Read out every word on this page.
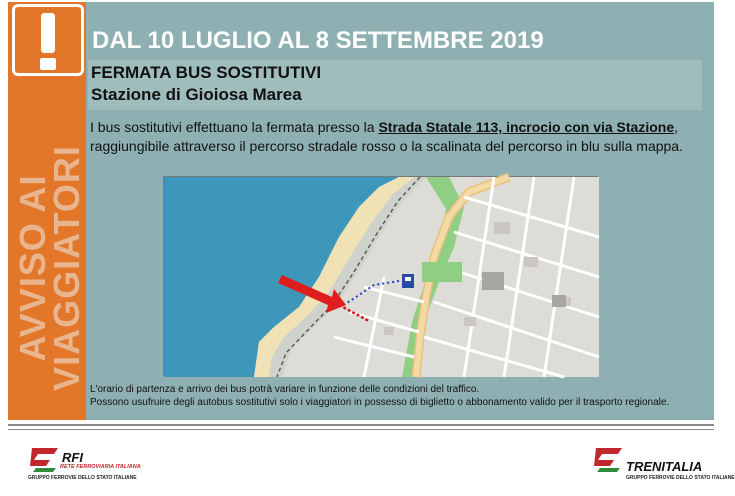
AVVISO AI
VIAGGIATORI
DAL 10 LUGLIO AL 8 SETTEMBRE 2019
FERMATA BUS SOSTITUTIVI
Stazione di Gioiosa Marea
I bus sostitutivi effettuano la fermata presso la Strada Statale 113, incrocio con via Stazione, raggiungibile attraverso il percorso stradale rosso o la scalinata del percorso in blu sulla mappa.
L'orario di partenza e arrivo dei bus potrà variare in funzione delle condizioni del traffico.
Possono usufruire degli autobus sostitutivi solo i viaggiatori in possesso di biglietto o abbonamento valido per il trasporto regionale.
RFI
RETE FERROVIARIA ITALIANA
GRUPPO FERROVIE DELLO STATO ITALIANE
TRENITALIA
GRUPPO FERROVIE DELLO STATO ITALIANE
